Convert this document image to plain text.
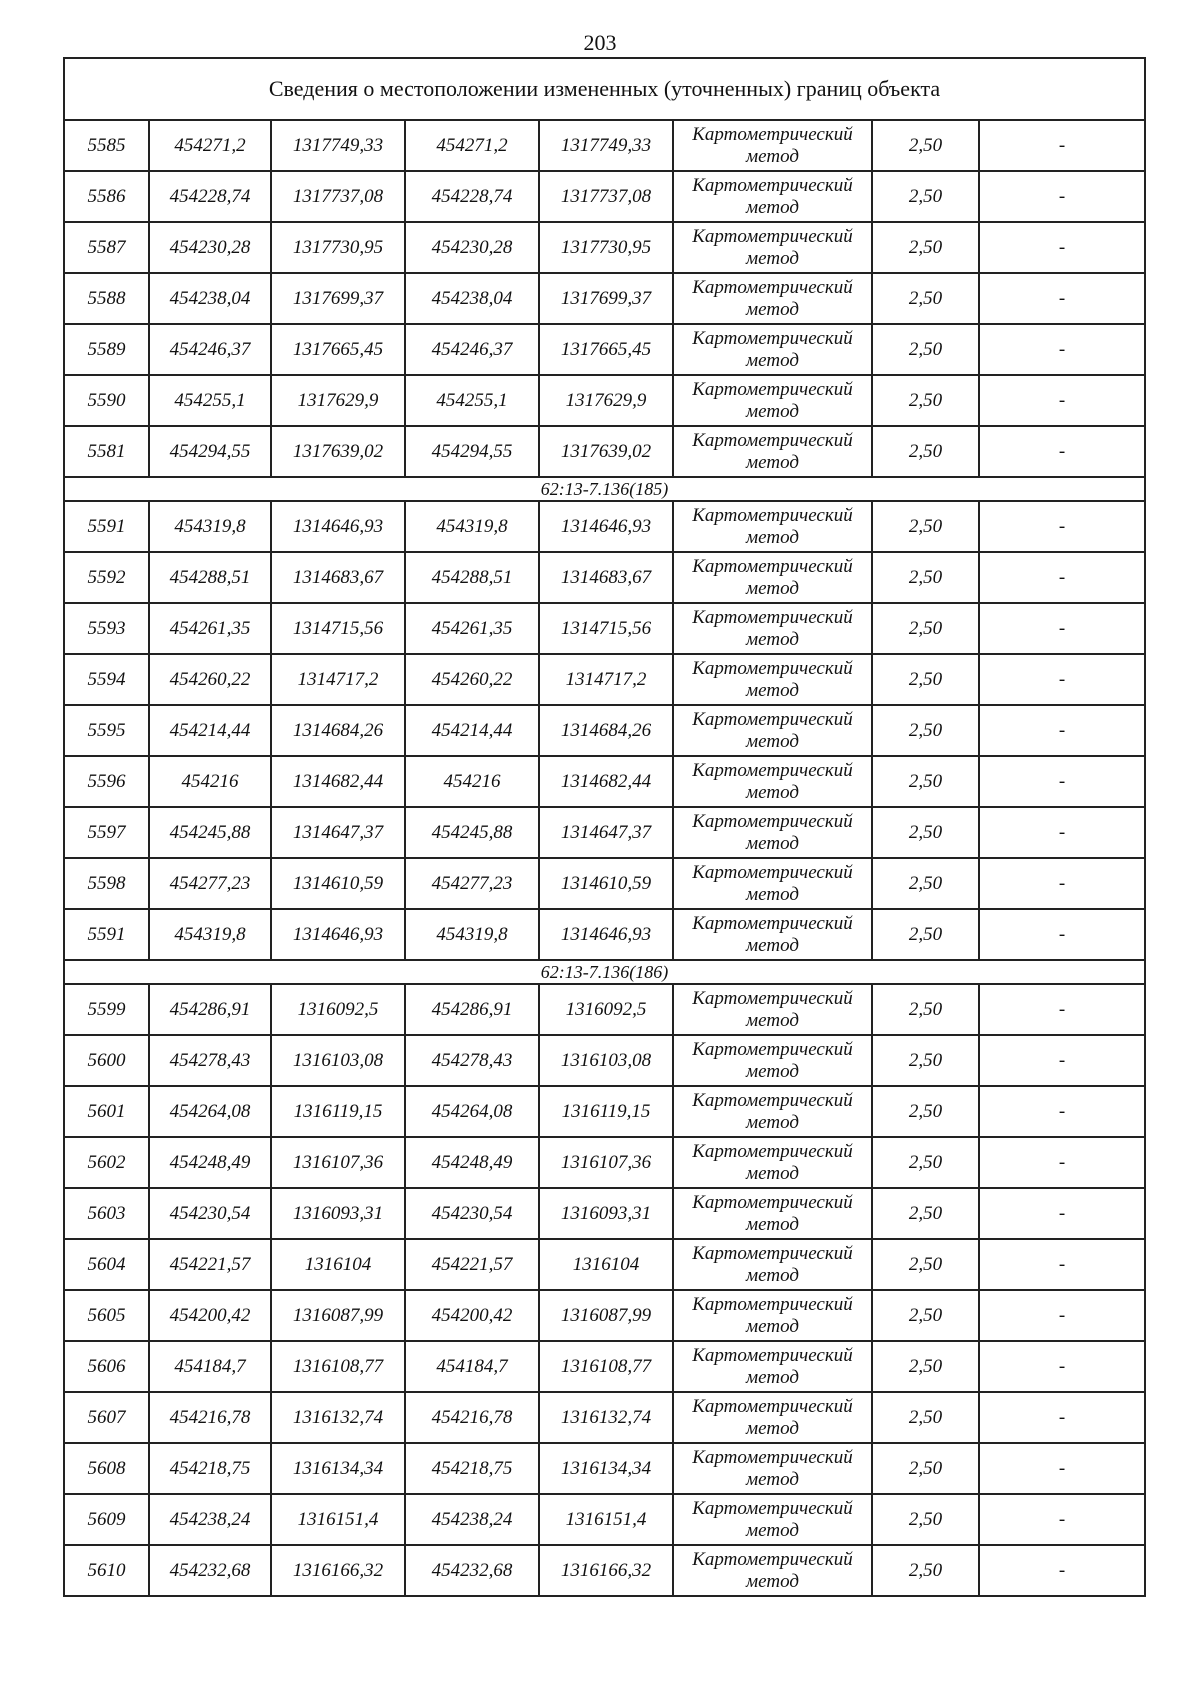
203
Сведения о местоположении измененных (уточненных) границ объекта							
5585	454271,2	1317749,33	454271,2	1317749,33	Картометрический
метод	2,50	-
5586	454228,74	1317737,08	454228,74	1317737,08	Картометрический
метод	2,50	-
5587	454230,28	1317730,95	454230,28	1317730,95	Картометрический
метод	2,50	-
5588	454238,04	1317699,37	454238,04	1317699,37	Картометрический
метод	2,50	-
5589	454246,37	1317665,45	454246,37	1317665,45	Картометрический
метод	2,50	-
5590	454255,1	1317629,9	454255,1	1317629,9	Картометрический
метод	2,50	-
5581	454294,55	1317639,02	454294,55	1317639,02	Картометрический
метод	2,50	-
62:13-7.136(185)							
5591	454319,8	1314646,93	454319,8	1314646,93	Картометрический
метод	2,50	-
5592	454288,51	1314683,67	454288,51	1314683,67	Картометрический
метод	2,50	-
5593	454261,35	1314715,56	454261,35	1314715,56	Картометрический
метод	2,50	-
5594	454260,22	1314717,2	454260,22	1314717,2	Картометрический
метод	2,50	-
5595	454214,44	1314684,26	454214,44	1314684,26	Картометрический
метод	2,50	-
5596	454216	1314682,44	454216	1314682,44	Картометрический
метод	2,50	-
5597	454245,88	1314647,37	454245,88	1314647,37	Картометрический
метод	2,50	-
5598	454277,23	1314610,59	454277,23	1314610,59	Картометрический
метод	2,50	-
5591	454319,8	1314646,93	454319,8	1314646,93	Картометрический
метод	2,50	-
62:13-7.136(186)							
5599	454286,91	1316092,5	454286,91	1316092,5	Картометрический
метод	2,50	-
5600	454278,43	1316103,08	454278,43	1316103,08	Картометрический
метод	2,50	-
5601	454264,08	1316119,15	454264,08	1316119,15	Картометрический
метод	2,50	-
5602	454248,49	1316107,36	454248,49	1316107,36	Картометрический
метод	2,50	-
5603	454230,54	1316093,31	454230,54	1316093,31	Картометрический
метод	2,50	-
5604	454221,57	1316104	454221,57	1316104	Картометрический
метод	2,50	-
5605	454200,42	1316087,99	454200,42	1316087,99	Картометрический
метод	2,50	-
5606	454184,7	1316108,77	454184,7	1316108,77	Картометрический
метод	2,50	-
5607	454216,78	1316132,74	454216,78	1316132,74	Картометрический
метод	2,50	-
5608	454218,75	1316134,34	454218,75	1316134,34	Картометрический
метод	2,50	-
5609	454238,24	1316151,4	454238,24	1316151,4	Картометрический
метод	2,50	-
5610	454232,68	1316166,32	454232,68	1316166,32	Картометрический
метод	2,50	-
